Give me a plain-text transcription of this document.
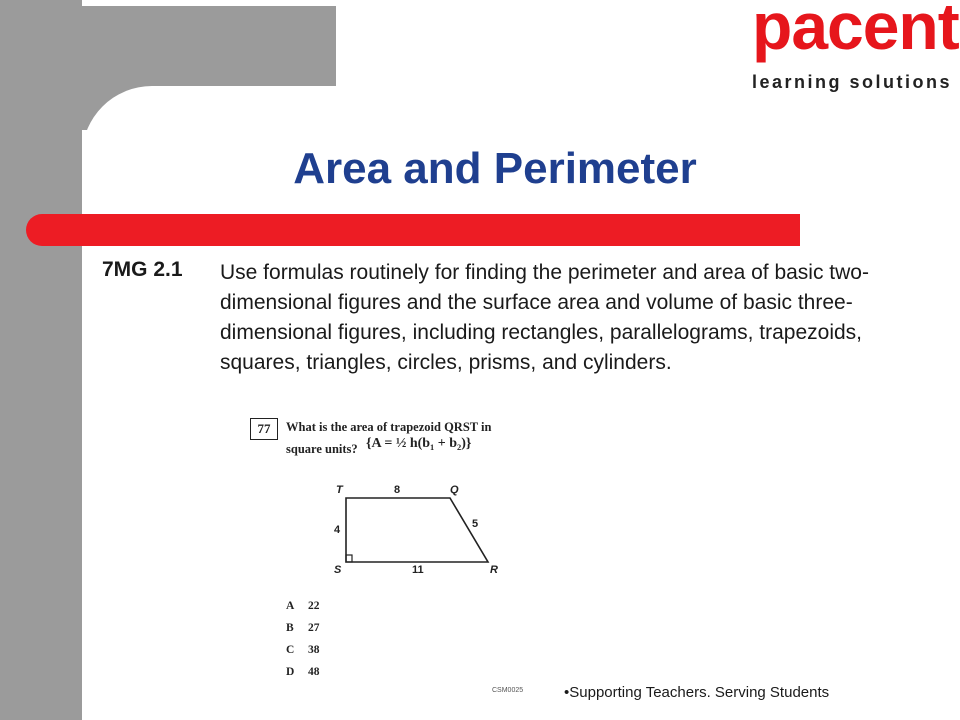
pacent
learning solutions
Area and Perimeter
7MG 2.1 Use formulas routinely for finding the perimeter and area of basic two-dimensional figures and the surface area and volume of basic three-dimensional figures, including rectangles, parallelograms, trapezoids, squares, triangles, circles, prisms, and cylinders.
77	What is the area of trapezoid QRST in
square units? {A = ½ h(b₁ + b₂)}
T	Q
S	R
8
4	5
11
A 22
B 27
C 38
D 48
CSM0025	•Supporting Teachers. Serving Students
